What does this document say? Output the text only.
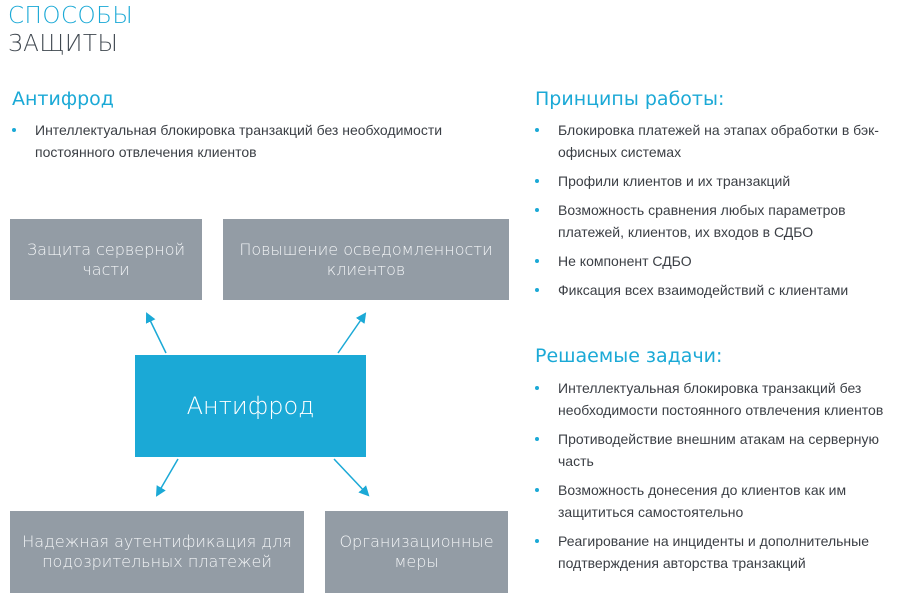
СПОСОБЫ
ЗАЩИТЫ
Антифрод
Интеллектуальная блокировка транзакций без необходимости постоянного отвлечения клиентов
Защита серверной части
Повышение осведомленности клиентов
Антифрод
Надежная аутентификация для подозрительных платежей
Организационные меры
Принципы работы:
Блокировка платежей на этапах обработки в бэк-офисных системах
Профили клиентов и их транзакций
Возможность сравнения любых параметров платежей, клиентов, их входов в СДБО
Не компонент СДБО
Фиксация всех взаимодействий с клиентами
Решаемые задачи:
Интеллектуальная блокировка транзакций без необходимости постоянного отвлечения клиентов
Противодействие внешним атакам на серверную часть
Возможность донесения до клиентов как им защититься самостоятельно
Реагирование на инциденты и дополнительные подтверждения авторства транзакций
